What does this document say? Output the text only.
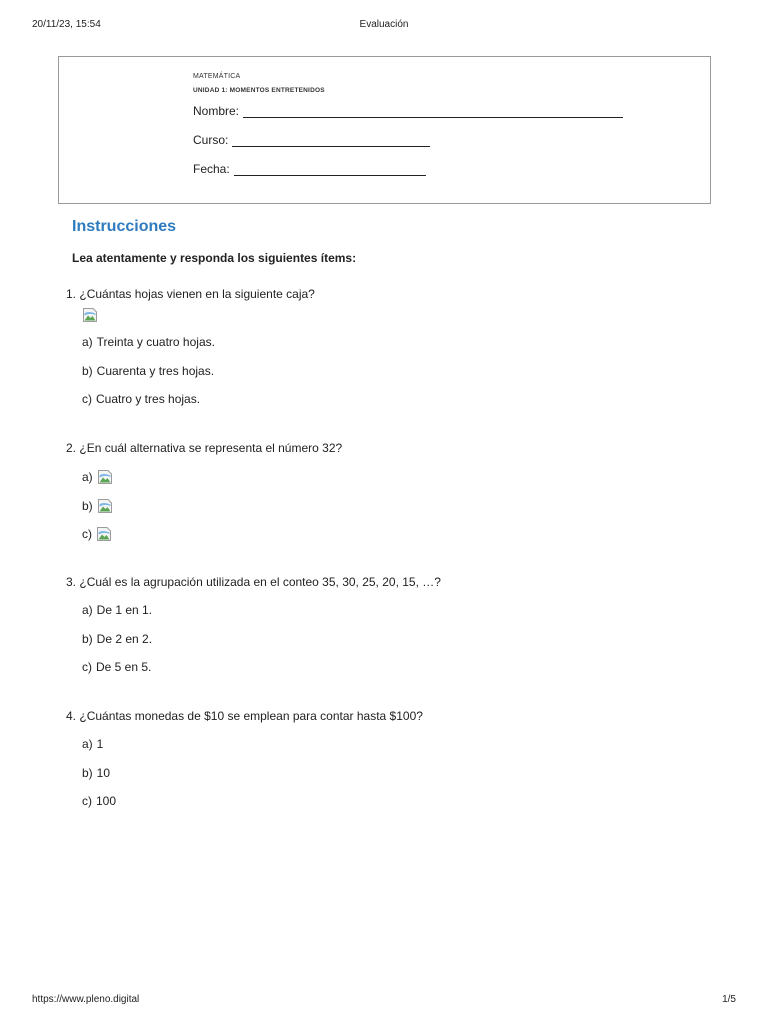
20/11/23, 15:54	Evaluación
MATEMÁTICA
UNIDAD 1: MOMENTOS ENTRETENIDOS
Nombre:
Curso:
Fecha:
Instrucciones
Lea atentamente y responda los siguientes ítems:
1. ¿Cuántas hojas vienen en la siguiente caja?
a) Treinta y cuatro hojas.
b) Cuarenta y tres hojas.
c) Cuatro y tres hojas.
2. ¿En cuál alternativa se representa el número 32?
a)
b)
c)
3. ¿Cuál es la agrupación utilizada en el conteo 35, 30, 25, 20, 15, …?
a) De 1 en 1.
b) De 2 en 2.
c) De 5 en 5.
4. ¿Cuántas monedas de $10 se emplean para contar hasta $100?
a) 1
b) 10
c) 100
https://www.pleno.digital	1/5
